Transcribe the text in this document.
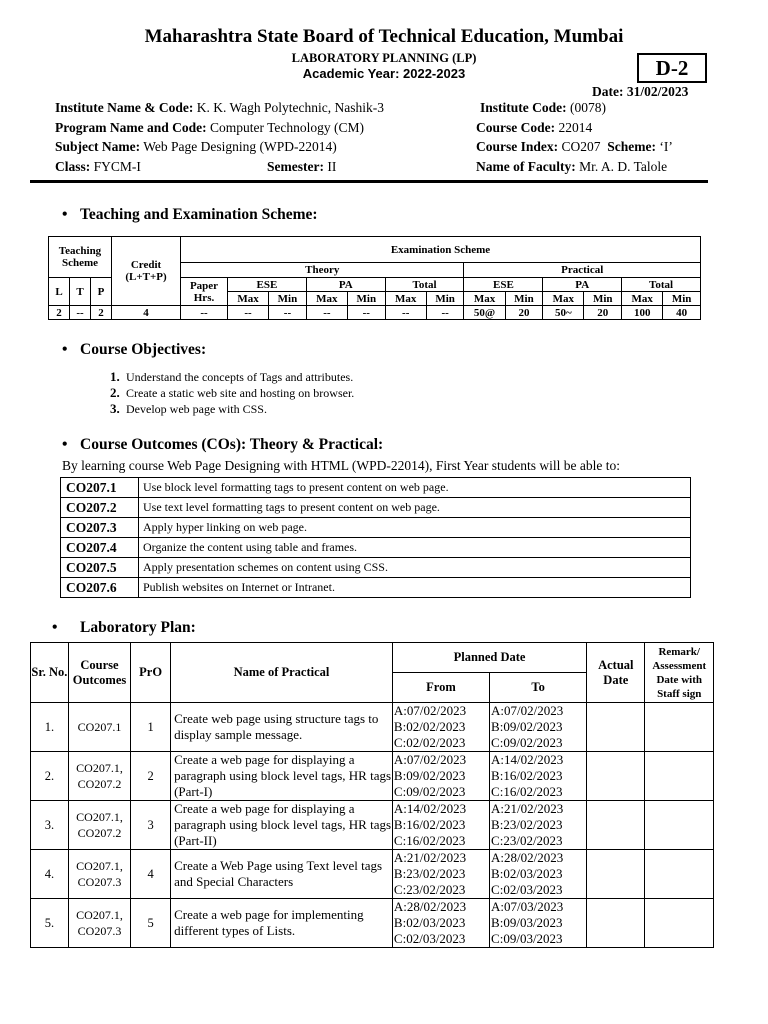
Maharashtra State Board of Technical Education, Mumbai
LABORATORY PLANNING (LP)
Academic Year: 2022-2023	D-2
Date: 31/02/2023
Institute Name & Code: K. K. Wagh Polytechnic, Nashik-3	Institute Code: (0078)
Program Name and Code: Computer Technology (CM)	Course Code: 22014
Subject Name: Web Page Designing (WPD-22014)	Course Index: CO207 Scheme: ‘I’
Class: FYCM-I	Semester: II	Name of Faculty: Mr. A. D. Talole
• Teaching and Examination Scheme:
Teaching Scheme			Credit (L+T+P)	Examination Scheme												
				Theory							Practical					
L	T	P		Paper Hrs.	ESE		PA		Total		ESE		PA		Total	
					Max	Min	Max	Min	Max	Min	Max	Min	Max	Min	Max	Min
2	--	2	4	--	--	--	--	--	--	--	50@	20	50~	20	100	40
• Course Objectives:
1. Understand the concepts of Tags and attributes.
2. Create a static web site and hosting on browser.
3. Develop web page with CSS.
• Course Outcomes (COs): Theory & Practical:
By learning course Web Page Designing with HTML (WPD-22014), First Year students will be able to:
CO207.1	Use block level formatting tags to present content on web page.
CO207.2	Use text level formatting tags to present content on web page.
CO207.3	Apply hyper linking on web page.
CO207.4	Organize the content using table and frames.
CO207.5	Apply presentation schemes on content using CSS.
CO207.6	Publish websites on Internet or Intranet.
• Laboratory Plan:
Sr. No.	Course Outcomes	PrO	Name of Practical	Planned Date		Actual Date	Remark/ Assessment Date with Staff sign
				From	To		
1.	CO207.1	1	Create web page using structure tags to display sample message.	A:07/02/2023
B:02/02/2023
C:02/02/2023	A:07/02/2023
B:09/02/2023
C:09/02/2023		

2.	CO207.1, CO207.2	2	Create a web page for displaying a paragraph using block level tags, HR tags (Part-I)	A:07/02/2023
B:09/02/2023
C:09/02/2023	A:14/02/2023
B:16/02/2023
C:16/02/2023		

3.	CO207.1, CO207.2	3	Create a web page for displaying a paragraph using block level tags, HR tags (Part-II)	A:14/02/2023
B:16/02/2023
C:16/02/2023	A:21/02/2023
B:23/02/2023
C:23/02/2023		

4.	CO207.1, CO207.3	4	Create a Web Page using Text level tags and Special Characters	A:21/02/2023
B:23/02/2023
C:23/02/2023	A:28/02/2023
B:02/03/2023
C:02/03/2023		

5.	CO207.1, CO207.3	5	Create a web page for implementing different types of Lists.	A:28/02/2023
B:02/03/2023
C:02/03/2023	A:07/03/2023
B:09/03/2023
C:09/03/2023		
